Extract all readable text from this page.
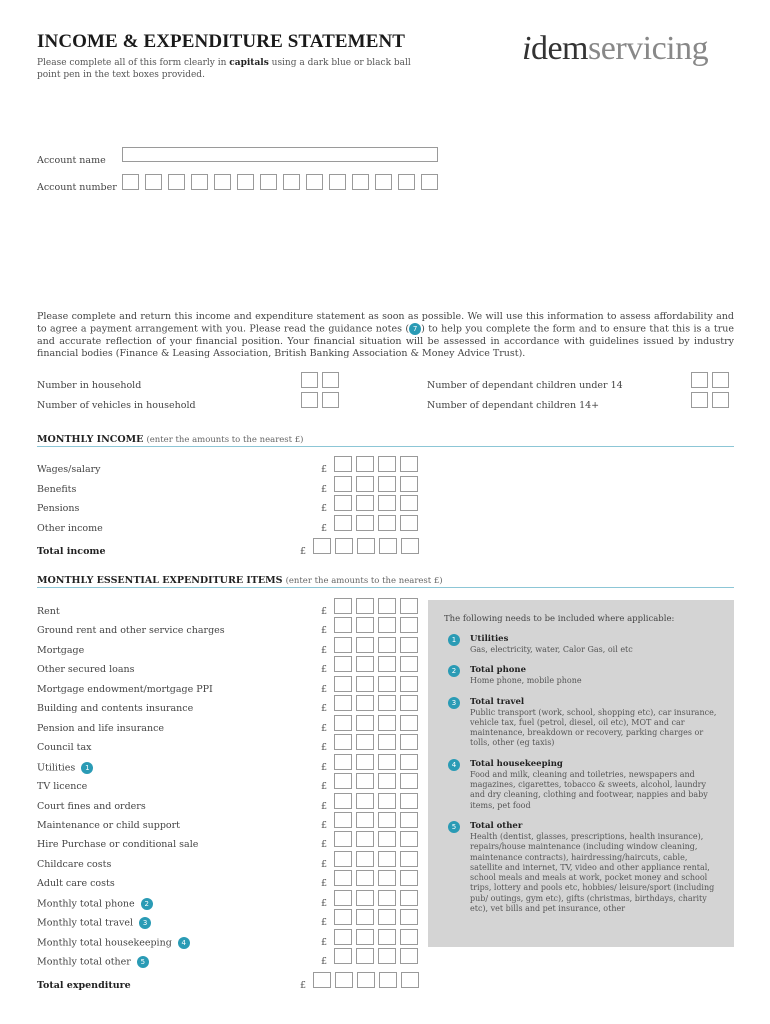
INCOME & EXPENDITURE STATEMENT
Please complete all of this form clearly in capitals using a dark blue or black ball point pen in the text boxes provided.
idemservicing
Account name
Account number
Please complete and return this income and expenditure statement as soon as possible. We will use this information to assess affordability and to agree a payment arrangement with you. Please read the guidance notes ( 7 ) to help you complete the form and to ensure that this is a true and accurate reflection of your financial position. Your financial situation will be assessed in accordance with guidelines issued by industry financial bodies (Finance & Leasing Association, British Banking Association & Money Advice Trust).
Number in household
Number of vehicles in household
Number of dependant children under 14
Number of dependant children 14+
MONTHLY INCOME (enter the amounts to the nearest £)
MONTHLY ESSENTIAL EXPENDITURE ITEMS (enter the amounts to the nearest £)
The following needs to be included where applicable:
1	Utilities
Gas, electricity, water, Calor Gas, oil etc
2	Total phone
Home phone, mobile phone
3	Total travel
Public transport (work, school, shopping etc), car insurance, vehicle tax, fuel (petrol, diesel, oil etc), MOT and car maintenance, breakdown or recovery, parking charges or tolls, other (eg taxis)
4	Total housekeeping
Food and milk, cleaning and toiletries, newspapers and magazines, cigarettes, tobacco & sweets, alcohol, laundry and dry cleaning, clothing and footwear, nappies and baby items, pet food
5	Total other
Health (dentist, glasses, prescriptions, health insurance), repairs/house maintenance (including window cleaning, maintenance contracts), hairdressing/haircuts, cable, satellite and internet, TV, video and other appliance rental, school meals and meals at work, pocket money and school trips, lottery and pools etc, hobbies/ leisure/sport (including pub/ outings, gym etc), gifts (christmas, birthdays, charity etc), vet bills and pet insurance, other
Wages/salary	£
Benefits	£
Pensions	£
Other income	£
Total income	£
Rent	£
Ground rent and other service charges	£
Mortgage	£
Other secured loans	£
Mortgage endowment/mortgage PPI	£
Building and contents insurance	£
Pension and life insurance	£
Council tax	£
Utilities 1	£
TV licence	£
Court fines and orders	£
Maintenance or child support	£
Hire Purchase or conditional sale	£
Childcare costs	£
Adult care costs	£
Monthly total phone 2	£
Monthly total travel 3	£
Monthly total housekeeping 4	£
Monthly total other 5	£
Total expenditure	£
